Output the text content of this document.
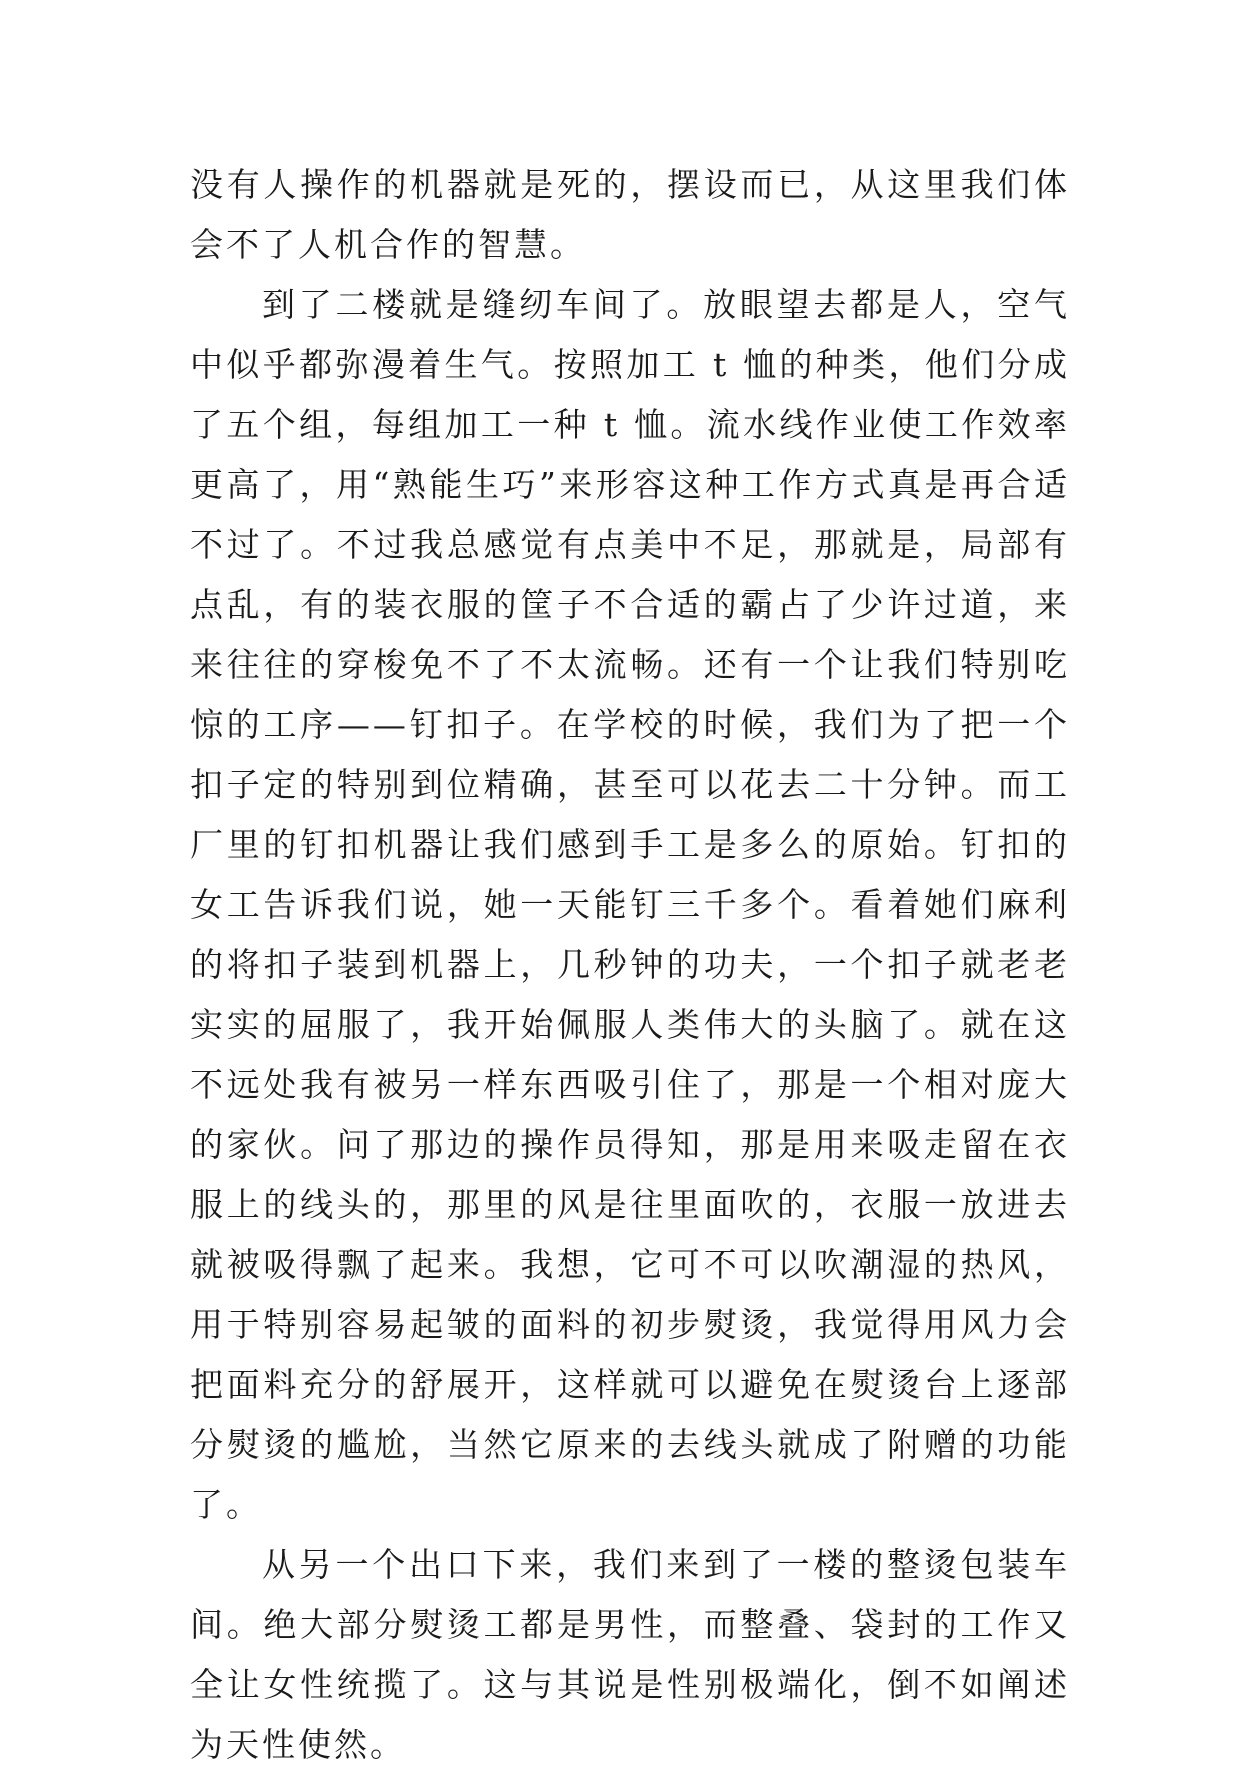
没有人操作的机器就是死的，摆设而已，从这里我们体会不了人机合作的智慧。

到了二楼就是缝纫车间了。放眼望去都是人，空气中似乎都弥漫着生气。按照加工 t 恤的种类，他们分成了五个组，每组加工一种 t 恤。流水线作业使工作效率更高了，用“熟能生巧”来形容这种工作方式真是再合适不过了。不过我总感觉有点美中不足，那就是，局部有点乱，有的装衣服的筐子不合适的霸占了少许过道，来来往往的穿梭免不了不太流畅。还有一个让我们特别吃惊的工序——钉扣子。在学校的时候，我们为了把一个扣子定的特别到位精确，甚至可以花去二十分钟。而工厂里的钉扣机器让我们感到手工是多么的原始。钉扣的女工告诉我们说，她一天能钉三千多个。看着她们麻利的将扣子装到机器上，几秒钟的功夫，一个扣子就老老实实的屈服了，我开始佩服人类伟大的头脑了。就在这不远处我有被另一样东西吸引住了，那是一个相对庞大的家伙。问了那边的操作员得知，那是用来吸走留在衣服上的线头的，那里的风是往里面吹的，衣服一放进去就被吸得飘了起来。我想，它可不可以吹潮湿的热风，用于特别容易起皱的面料的初步熨烫，我觉得用风力会把面料充分的舒展开，这样就可以避免在熨烫台上逐部分熨烫的尴尬，当然它原来的去线头就成了附赠的功能了。

从另一个出口下来，我们来到了一楼的整烫包装车间。绝大部分熨烫工都是男性，而整叠、袋封的工作又全让女性统揽了。这与其说是性别极端化，倒不如阐述为天性使然。
